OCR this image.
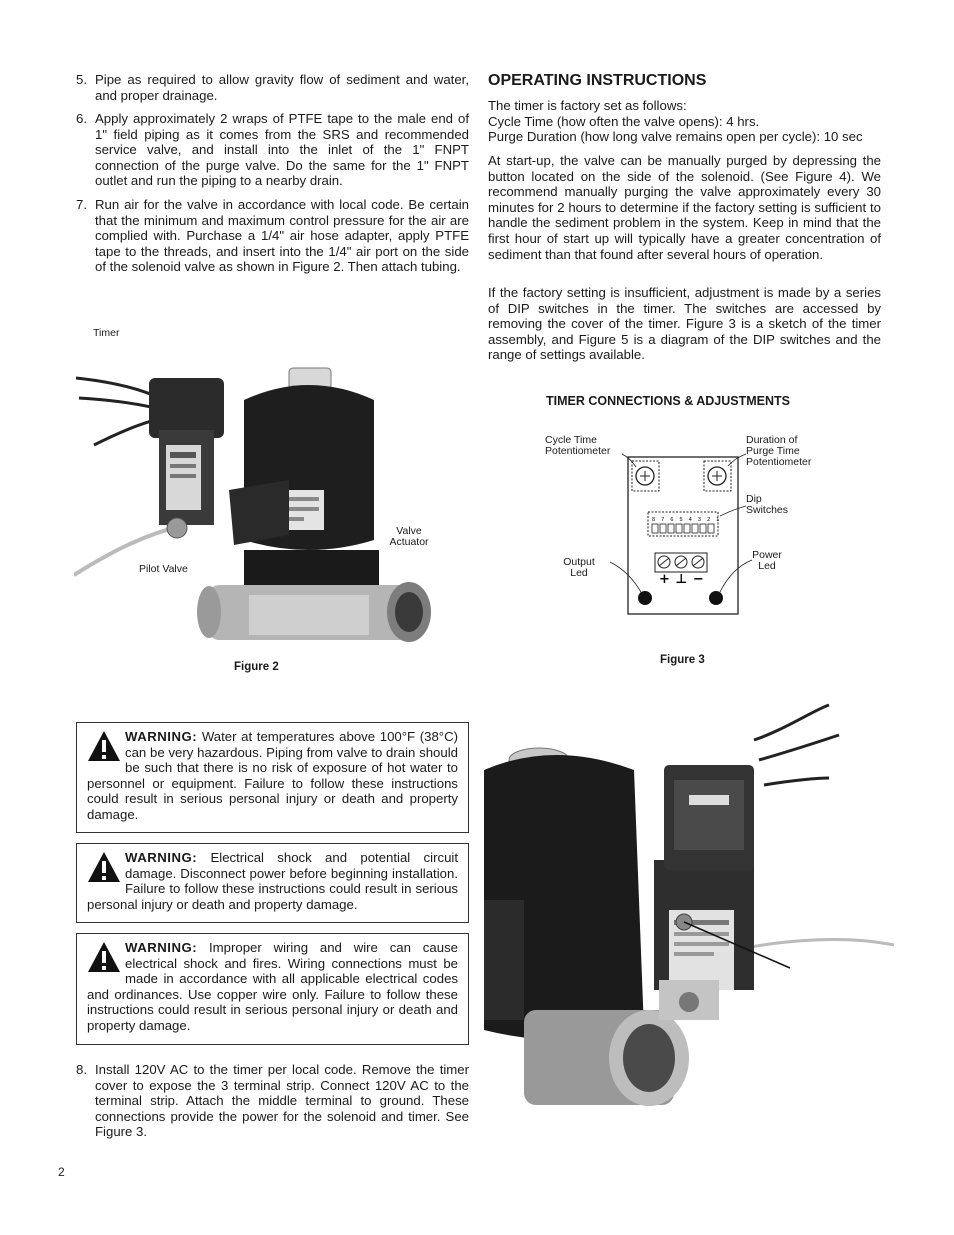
5. Pipe as required to allow gravity flow of sediment and water, and proper drainage.
6. Apply approximately 2 wraps of PTFE tape to the male end of 1" field piping as it comes from the SRS and recommended service valve, and install into the inlet of the 1" FNPT connection of the purge valve. Do the same for the 1" FNPT outlet and run the piping to a nearby drain.
7. Run air for the valve in accordance with local code. Be certain that the minimum and maximum control pressure for the air are complied with. Purchase a 1/4" air hose adapter, apply PTFE tape to the threads, and insert into the 1/4" air port on the side of the solenoid valve as shown in Figure 2. Then attach tubing.
Timer
Valve
Actuator
Pilot Valve
Figure 2
OPERATING INSTRUCTIONS
The timer is factory set as follows:
Cycle Time (how often the valve opens): 4 hrs.
Purge Duration (how long valve remains open per cycle): 10 sec
At start-up, the valve can be manually purged by depressing the button located on the side of the solenoid. (See Figure 4). We recommend manually purging the valve approximately every 30 minutes for 2 hours to determine if the factory setting is sufficient to handle the sediment problem in the system. Keep in mind that the first hour of start up will typically have a greater concentration of sediment than that found after several hours of operation.
If the factory setting is insufficient, adjustment is made by a series of DIP switches in the timer. The switches are accessed by removing the cover of the timer. Figure 3 is a sketch of the timer assembly, and Figure 5 is a diagram of the DIP switches and the range of settings available.
TIMER CONNECTIONS & ADJUSTMENTS
Cycle Time
Potentiometer
Duration of
Purge Time
Potentiometer
Dip
Switches
Output
Led
Power
Led
8 7 6 5 4 3 2 1
+ ⊥ −
Figure 3
WARNING: Water at temperatures above 100°F (38°C) can be very hazardous. Piping from valve to drain should be such that there is no risk of exposure of hot water to personnel or equipment. Failure to follow these instructions could result in serious personal injury or death and property damage.
WARNING: Electrical shock and potential circuit damage. Disconnect power before beginning installation. Failure to follow these instructions could result in serious personal injury or death and property damage.
WARNING: Improper wiring and wire can cause electrical shock and fires. Wiring connections must be made in accordance with all applicable electrical codes and ordinances. Use copper wire only. Failure to follow these instructions could result in serious personal injury or death and property damage.
8. Install 120V AC to the timer per local code. Remove the timer cover to expose the 3 terminal strip. Connect 120V AC to the terminal strip. Attach the middle terminal to ground. These connections provide the power for the solenoid and timer. See Figure 3.
2
